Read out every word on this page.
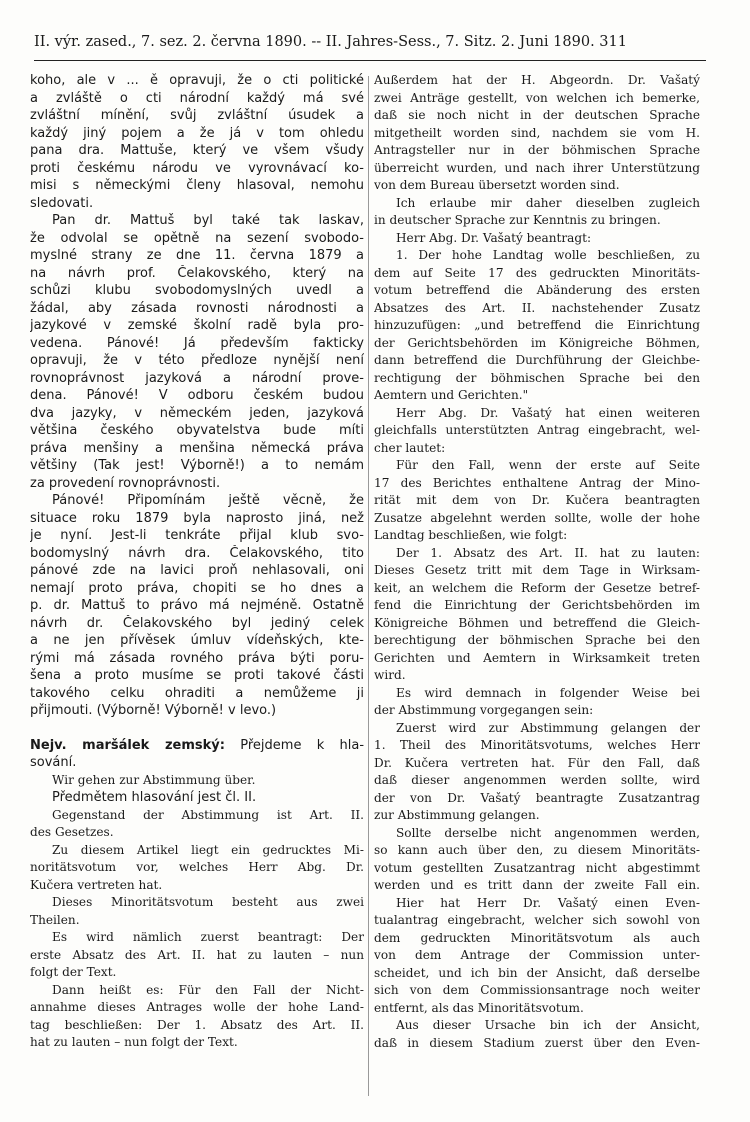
II. výr. zased., 7. sez. 2. června 1890. -- II. Jahres-Sess., 7. Sitz. 2. Juni 1890. 311
koho, ale v ... ě opravuji, že o cti politické
a zvláště o cti národní každý má své
zvláštní mínění, svůj zvláštní úsudek a
každý jiný pojem a že já v tom ohledu
pana dra. Mattuše, který ve všem všudy
proti českému národu ve vyrovnávací ko-
misi s německými členy hlasoval, nemohu
sledovati.
Pan dr. Mattuš byl také tak laskav,
že odvolal se opětně na sezení svobodo-
myslné strany ze dne 11. června 1879 a
na návrh prof. Čelakovského, který na
schůzi klubu svobodomyslných uvedl a
žádal, aby zásada rovnosti národnosti a
jazykové v zemské školní radě byla pro-
vedena. Pánové! Já především fakticky
opravuji, že v této předloze nynější není
rovnoprávnost jazyková a národní prove-
dena. Pánové! V odboru českém budou
dva jazyky, v německém jeden, jazyková
většina českého obyvatelstva bude míti
práva menšiny a menšina německá práva
většiny (Tak jest! Výborně!) a to nemám
za provedení rovnoprávnosti.
Pánové! Připomínám ještě věcně, že
situace roku 1879 byla naprosto jiná, než
je nyní. Jest-li tenkráte přijal klub svo-
bodomyslný návrh dra. Čelakovského, tito
pánové zde na lavici proň nehlasovali, oni
nemají proto práva, chopiti se ho dnes a
p. dr. Mattuš to právo má nejméně. Ostatně
návrh dr. Čelakovského byl jediný celek
a ne jen přívěsek úmluv vídeňských, kte-
rými má zásada rovného práva býti poru-
šena a proto musíme se proti takové části
takového celku ohraditi a nemůžeme ji
přijmouti. (Výborně! Výborně! v levo.)
Nejv. maršálek zemský: Přejdeme k hla-
sování.
Wir gehen zur Abstimmung über.
Předmětem hlasování jest čl. II.
Gegenstand der Abstimmung ist Art. II.
des Gesetzes.
Zu diesem Artikel liegt ein gedrucktes Mi-
noritätsvotum vor, welches Herr Abg. Dr.
Kučera vertreten hat.
Dieses Minoritätsvotum besteht aus zwei
Theilen.
Es wird nämlich zuerst beantragt: Der
erste Absatz des Art. II. hat zu lauten – nun
folgt der Text.
Dann heißt es: Für den Fall der Nicht-
annahme dieses Antrages wolle der hohe Land-
tag beschließen: Der 1. Absatz des Art. II.
hat zu lauten – nun folgt der Text.
Außerdem hat der H. Abgeordn. Dr. Vašatý
zwei Anträge gestellt, von welchen ich bemerke,
daß sie noch nicht in der deutschen Sprache
mitgetheilt worden sind, nachdem sie vom H.
Antragsteller nur in der böhmischen Sprache
überreicht wurden, und nach ihrer Unterstützung
von dem Bureau übersetzt worden sind.
Ich erlaube mir daher dieselben zugleich
in deutscher Sprache zur Kenntnis zu bringen.
Herr Abg. Dr. Vašatý beantragt:
1. Der hohe Landtag wolle beschließen, zu
dem auf Seite 17 des gedruckten Minoritäts-
votum betreffend die Abänderung des ersten
Absatzes des Art. II. nachstehender Zusatz
hinzuzufügen: „und betreffend die Einrichtung
der Gerichtsbehörden im Königreiche Böhmen,
dann betreffend die Durchführung der Gleichbe-
rechtigung der böhmischen Sprache bei den
Aemtern und Gerichten."
Herr Abg. Dr. Vašatý hat einen weiteren
gleichfalls unterstützten Antrag eingebracht, wel-
cher lautet:
Für den Fall, wenn der erste auf Seite
17 des Berichtes enthaltene Antrag der Mino-
rität mit dem von Dr. Kučera beantragten
Zusatze abgelehnt werden sollte, wolle der hohe
Landtag beschließen, wie folgt:
Der 1. Absatz des Art. II. hat zu lauten:
Dieses Gesetz tritt mit dem Tage in Wirksam-
keit, an welchem die Reform der Gesetze betref-
fend die Einrichtung der Gerichtsbehörden im
Königreiche Böhmen und betreffend die Gleich-
berechtigung der böhmischen Sprache bei den
Gerichten und Aemtern in Wirksamkeit treten
wird.
Es wird demnach in folgender Weise bei
der Abstimmung vorgegangen sein:
Zuerst wird zur Abstimmung gelangen der
1. Theil des Minoritätsvotums, welches Herr
Dr. Kučera vertreten hat. Für den Fall, daß
daß dieser angenommen werden sollte, wird
der von Dr. Vašatý beantragte Zusatzantrag
zur Abstimmung gelangen.
Sollte derselbe nicht angenommen werden,
so kann auch über den, zu diesem Minoritäts-
votum gestellten Zusatzantrag nicht abgestimmt
werden und es tritt dann der zweite Fall ein.
Hier hat Herr Dr. Vašatý einen Even-
tualantrag eingebracht, welcher sich sowohl von
dem gedruckten Minoritätsvotum als auch
von dem Antrage der Commission unter-
scheidet, und ich bin der Ansicht, daß derselbe
sich von dem Commissionsantrage noch weiter
entfernt, als das Minoritätsvotum.
Aus dieser Ursache bin ich der Ansicht,
daß in diesem Stadium zuerst über den Even-
